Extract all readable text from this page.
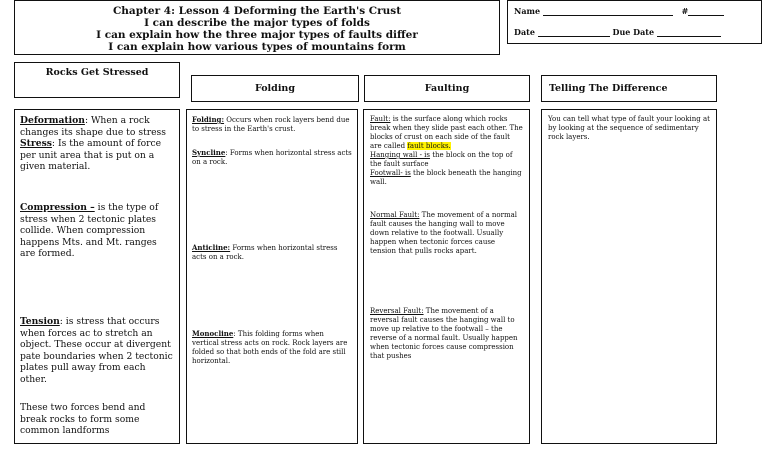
Chapter 4: Lesson 4 Deforming the Earth's Crust
I can describe the major types of folds
I can explain how the three major types of faults differ
I can explain how various types of mountains form
Name	#
Date	Due Date
Rocks Get Stressed
Folding	Faulting	Telling The Difference
Deformation: When a rock changes its shape due to stress
Stress: Is the amount of force per unit area that is put on a given material.
Compression – is the type of stress when 2 tectonic plates collide. When compression happens Mts. and Mt. ranges are formed.
Tension: is stress that occurs when forces ac to stretch an object. These occur at divergent pate boundaries when 2 tectonic plates pull away from each other.
These two forces bend and break rocks to form some common landforms
Folding: Occurs when rock layers bend due to stress in the Earth's crust.
Syncline: Forms when horizontal stress acts on a rock.
Anticline: Forms when horizontal stress acts on a rock.
Monocline: This folding forms when vertical stress acts on rock. Rock layers are folded so that both ends of the fold are still horizontal.
Fault: is the surface along which rocks break when they slide past each other. The blocks of crust on each side of the fault are called fault blocks.
Hanging wall - is the block on the top of the fault surface
Footwall- is the block beneath the hanging wall.
Normal Fault: The movement of a normal fault causes the hanging wall to move down relative to the footwall. Usually happen when tectonic forces cause tension that pulls rocks apart.
Reversal Fault: The movement of a reversal fault causes the hanging wall to move up relative to the footwall – the reverse of a normal fault. Usually happen when tectonic forces cause compression that pushes
You can tell what type of fault your looking at by looking at the sequence of sedimentary rock layers.
